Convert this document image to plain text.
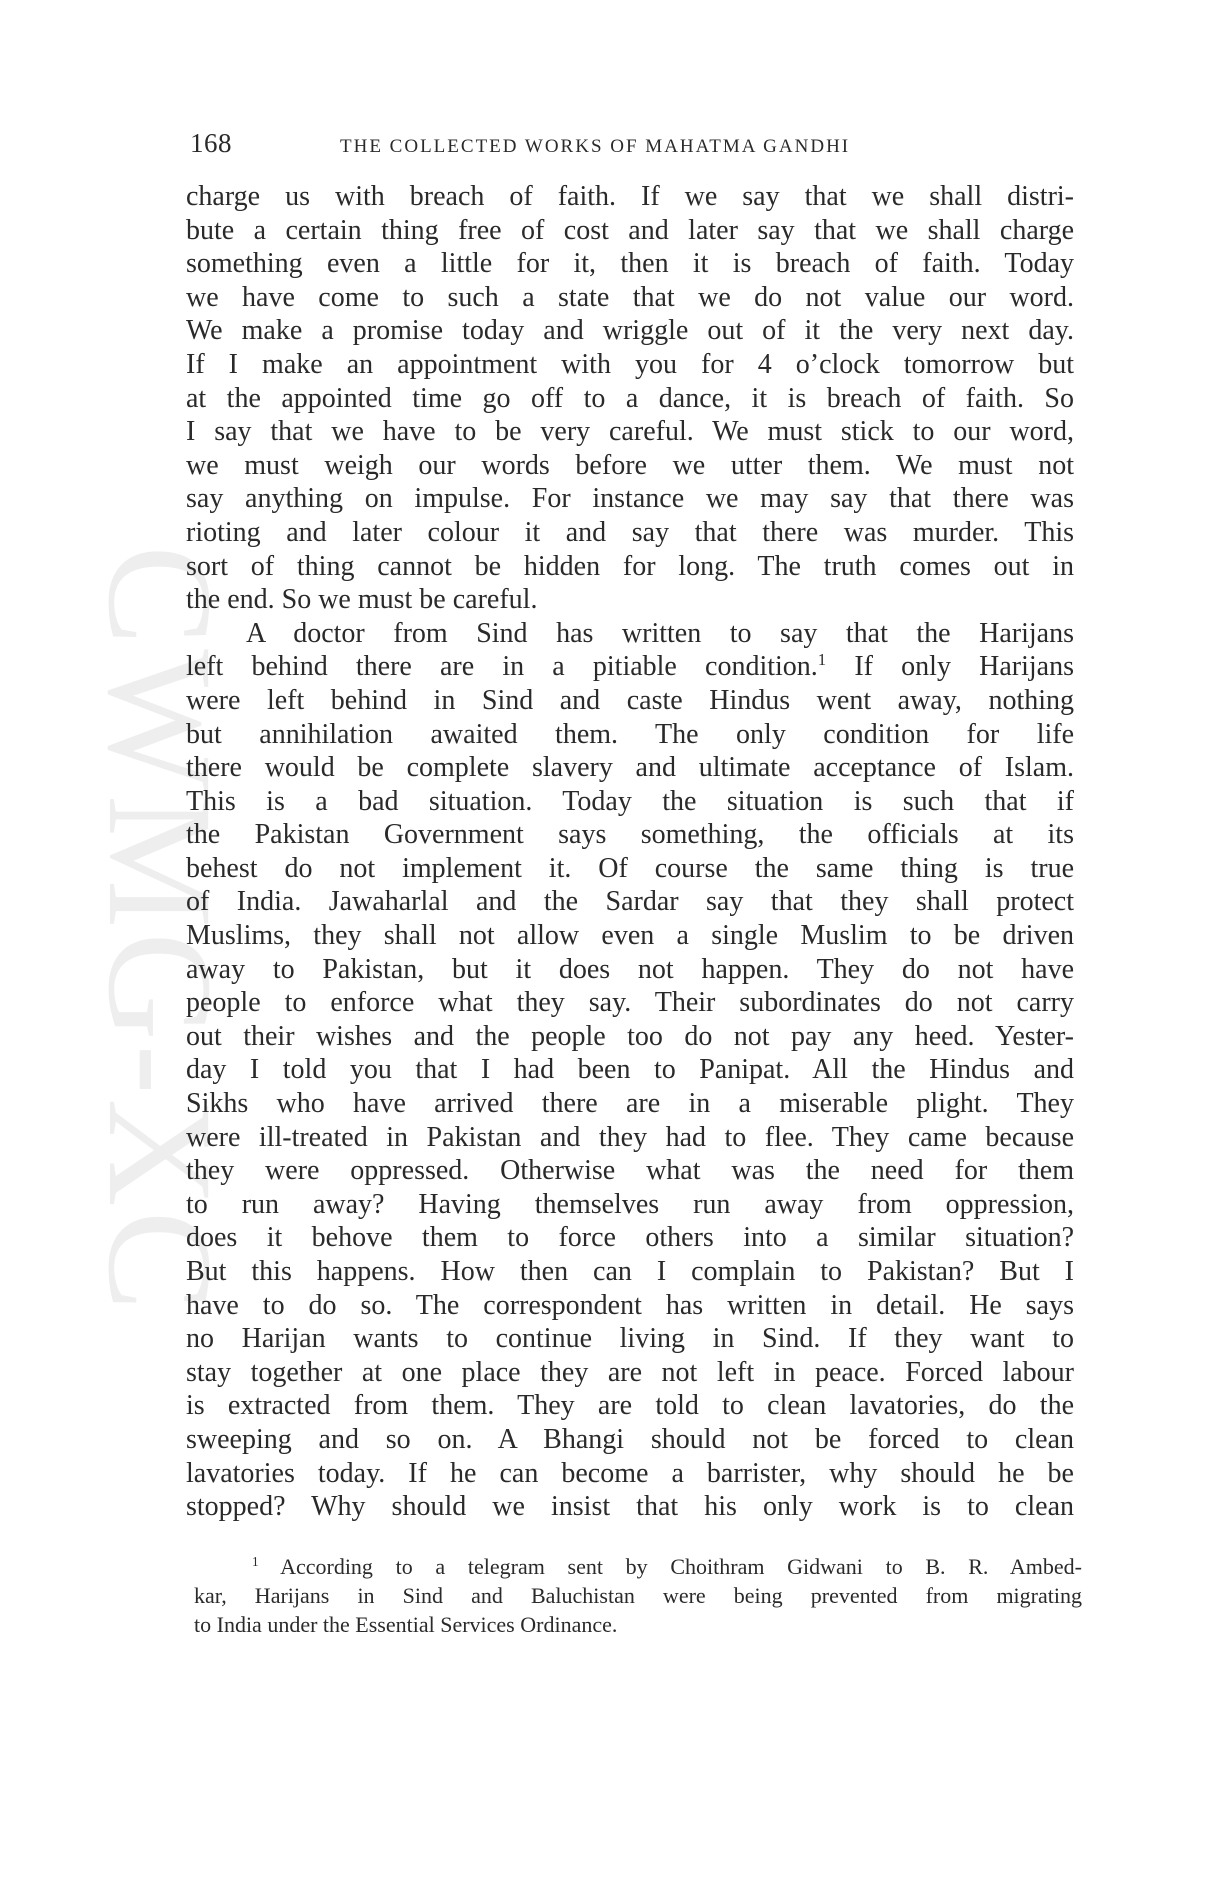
CWMG-XC
168	THE COLLECTED WORKS OF MAHATMA GANDHI
charge us with breach of faith. If we say that we shall distri-
bute a certain thing free of cost and later say that we shall charge
something even a little for it, then it is breach of faith. Today
we have come to such a state that we do not value our word.
We make a promise today and wriggle out of it the very next day.
If I make an appointment with you for 4 o’clock tomorrow but
at the appointed time go off to a dance, it is breach of faith. So
I say that we have to be very careful. We must stick to our word,
we must weigh our words before we utter them. We must not
say anything on impulse. For instance we may say that there was
rioting and later colour it and say that there was murder. This
sort of thing cannot be hidden for long. The truth comes out in
the end. So we must be careful.
A doctor from Sind has written to say that the Harijans
left behind there are in a pitiable condition.$^1$ If only Harijans
were left behind in Sind and caste Hindus went away, nothing
but annihilation awaited them. The only condition for life
there would be complete slavery and ultimate acceptance of Islam.
This is a bad situation. Today the situation is such that if
the Pakistan Government says something, the officials at its
behest do not implement it. Of course the same thing is true
of India. Jawaharlal and the Sardar say that they shall protect
Muslims, they shall not allow even a single Muslim to be driven
away to Pakistan, but it does not happen. They do not have
people to enforce what they say. Their subordinates do not carry
out their wishes and the people too do not pay any heed. Yester-
day I told you that I had been to Panipat. All the Hindus and
Sikhs who have arrived there are in a miserable plight. They
were ill-treated in Pakistan and they had to flee. They came because
they were oppressed. Otherwise what was the need for them
to run away? Having themselves run away from oppression,
does it behove them to force others into a similar situation?
But this happens. How then can I complain to Pakistan? But I
have to do so. The correspondent has written in detail. He says
no Harijan wants to continue living in Sind. If they want to
stay together at one place they are not left in peace. Forced labour
is extracted from them. They are told to clean lavatories, do the
sweeping and so on. A Bhangi should not be forced to clean
lavatories today. If he can become a barrister, why should he be
stopped? Why should we insist that his only work is to clean
$^1$ According to a telegram sent by Choithram Gidwani to B. R. Ambed-
kar, Harijans in Sind and Baluchistan were being prevented from migrating
to India under the Essential Services Ordinance.
